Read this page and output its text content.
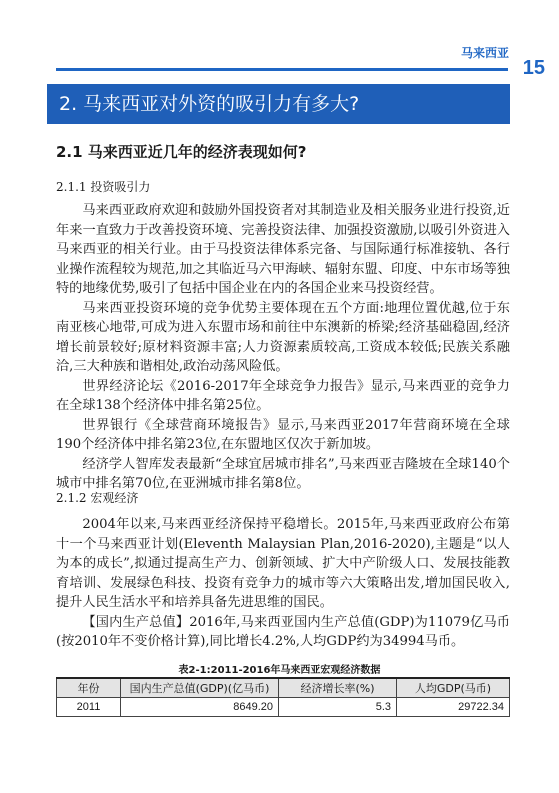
马来西亚
15
2. 马来西亚对外资的吸引力有多大?
2.1 马来西亚近几年的经济表现如何?
2.1.1 投资吸引力

马来西亚政府欢迎和鼓励外国投资者对其制造业及相关服务业进行投资,近年来一直致力于改善投资环境、完善投资法律、加强投资激励,以吸引外资进入马来西亚的相关行业。由于马投资法律体系完备、与国际通行标准接轨、各行业操作流程较为规范,加之其临近马六甲海峡、辐射东盟、印度、中东市场等独特的地缘优势,吸引了包括中国企业在内的各国企业来马投资经营。

马来西亚投资环境的竞争优势主要体现在五个方面:地理位置优越,位于东南亚核心地带,可成为进入东盟市场和前往中东澳新的桥梁;经济基础稳固,经济增长前景较好;原材料资源丰富;人力资源素质较高,工资成本较低;民族关系融洽,三大种族和谐相处,政治动荡风险低。

世界经济论坛《2016-2017年全球竞争力报告》显示,马来西亚的竞争力在全球138个经济体中排名第25位。

世界银行《全球营商环境报告》显示,马来西亚2017年营商环境在全球190个经济体中排名第23位,在东盟地区仅次于新加坡。

经济学人智库发表最新“全球宜居城市排名”,马来西亚吉隆坡在全球140个城市中排名第70位,在亚洲城市排名第8位。

2.1.2 宏观经济

2004年以来,马来西亚经济保持平稳增长。2015年,马来西亚政府公布第十一个马来西亚计划(Eleventh Malaysian Plan,2016-2020),主题是“以人为本的成长”,拟通过提高生产力、创新领域、扩大中产阶级人口、发展技能教育培训、发展绿色科技、投资有竞争力的城市等六大策略出发,增加国民收入,提升人民生活水平和培养具备先进思维的国民。

【国内生产总值】2016年,马来西亚国内生产总值(GDP)为11079亿马币(按2010年不变价格计算),同比增长4.2%,人均GDP约为34994马币。

表2-1:2011-2016年马来西亚宏观经济数据
年份	国内生产总值(GDP)(亿马币)	经济增长率(%)	人均GDP(马币)
2011	8649.20	5.3	29722.34
